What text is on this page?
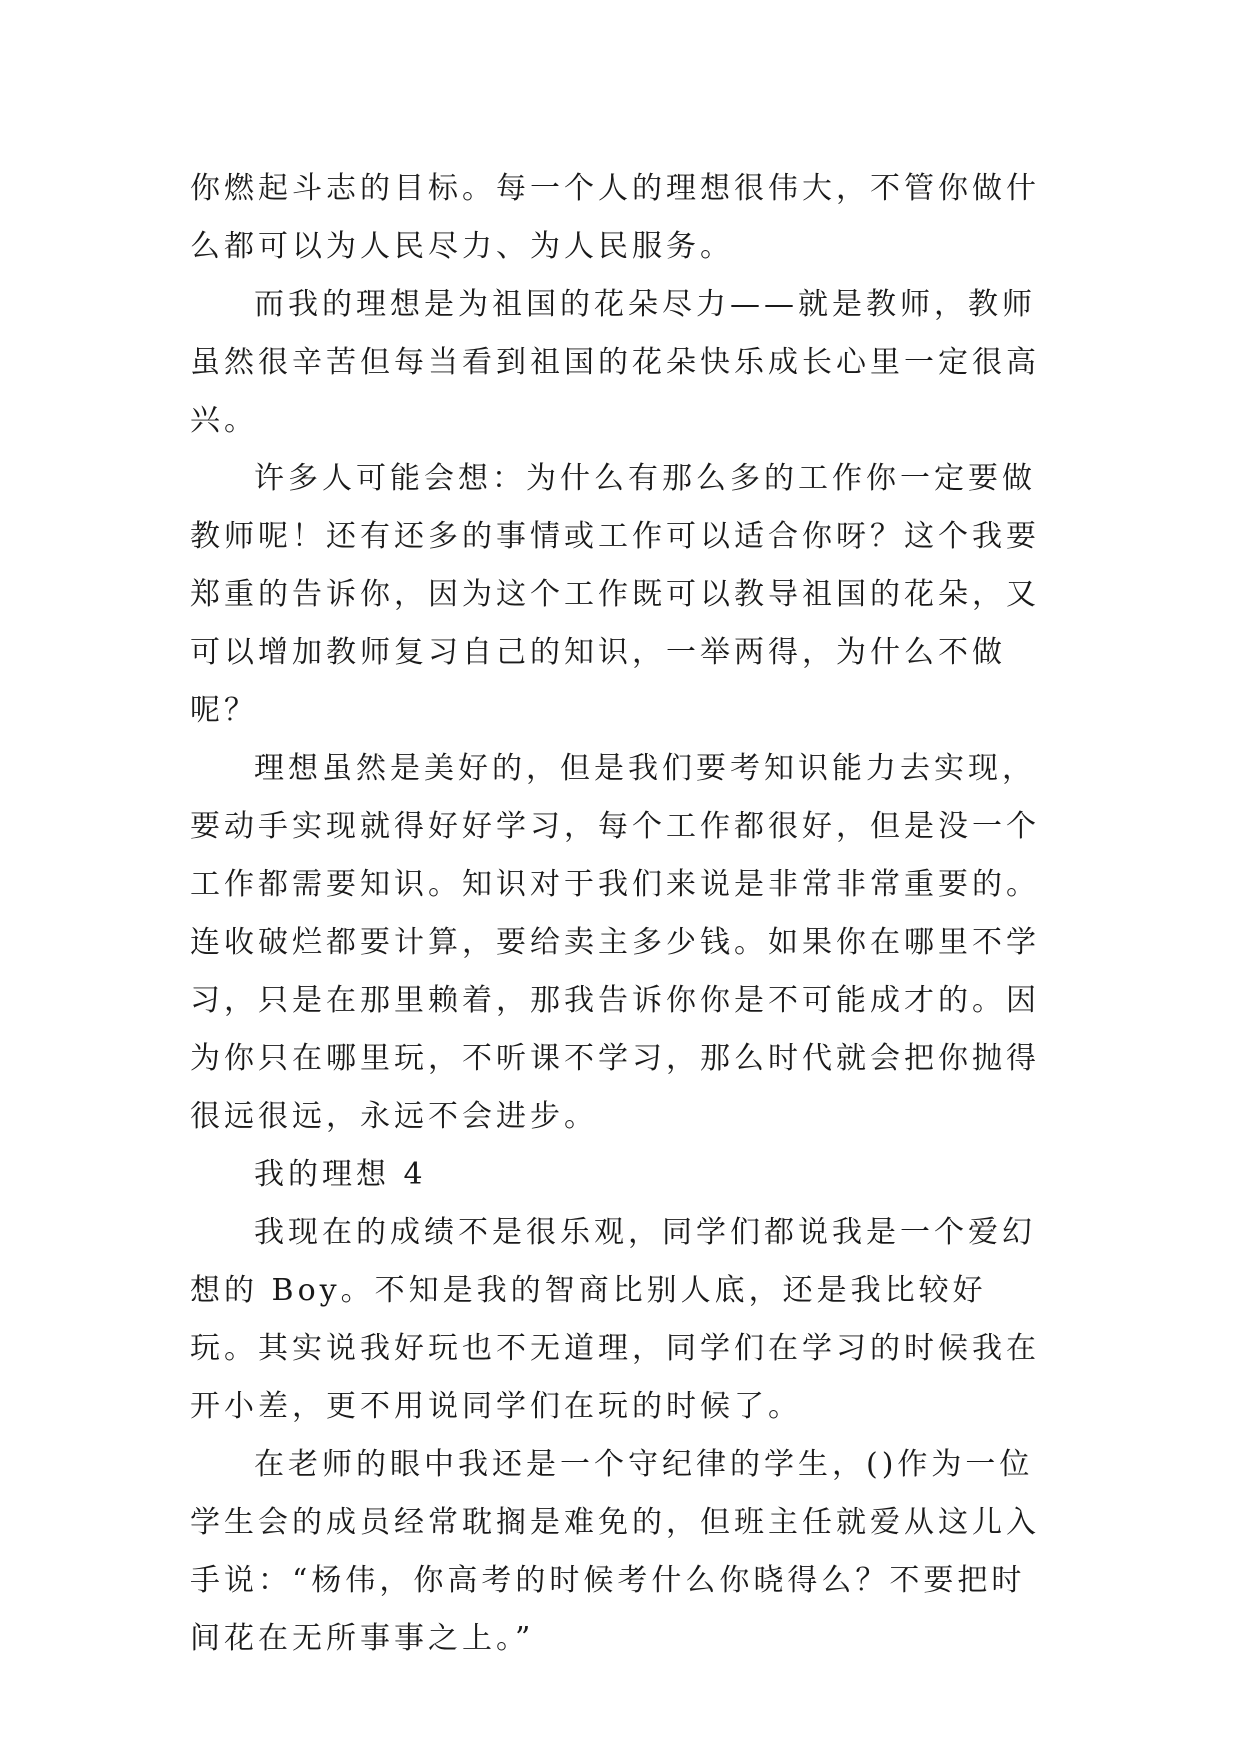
你燃起斗志的目标。每一个人的理想很伟大，不管你做什么都可以为人民尽力、为人民服务。

而我的理想是为祖国的花朵尽力——就是教师，教师虽然很辛苦但每当看到祖国的花朵快乐成长心里一定很高兴。

许多人可能会想：为什么有那么多的工作你一定要做教师呢！还有还多的事情或工作可以适合你呀？这个我要郑重的告诉你，因为这个工作既可以教导祖国的花朵，又可以增加教师复习自己的知识，一举两得，为什么不做呢？

理想虽然是美好的，但是我们要考知识能力去实现，要动手实现就得好好学习，每个工作都很好，但是没一个工作都需要知识。知识对于我们来说是非常非常重要的。连收破烂都要计算，要给卖主多少钱。如果你在哪里不学习，只是在那里赖着，那我告诉你你是不可能成才的。因为你只在哪里玩，不听课不学习，那么时代就会把你抛得很远很远，永远不会进步。

我的理想 4

我现在的成绩不是很乐观，同学们都说我是一个爱幻想的 Boy。不知是我的智商比别人底，还是我比较好玩。其实说我好玩也不无道理，同学们在学习的时候我在开小差，更不用说同学们在玩的时候了。

在老师的眼中我还是一个守纪律的学生，()作为一位学生会的成员经常耽搁是难免的，但班主任就爱从这儿入手说：“杨伟，你高考的时候考什么你晓得么？不要把时间花在无所事事之上。”
